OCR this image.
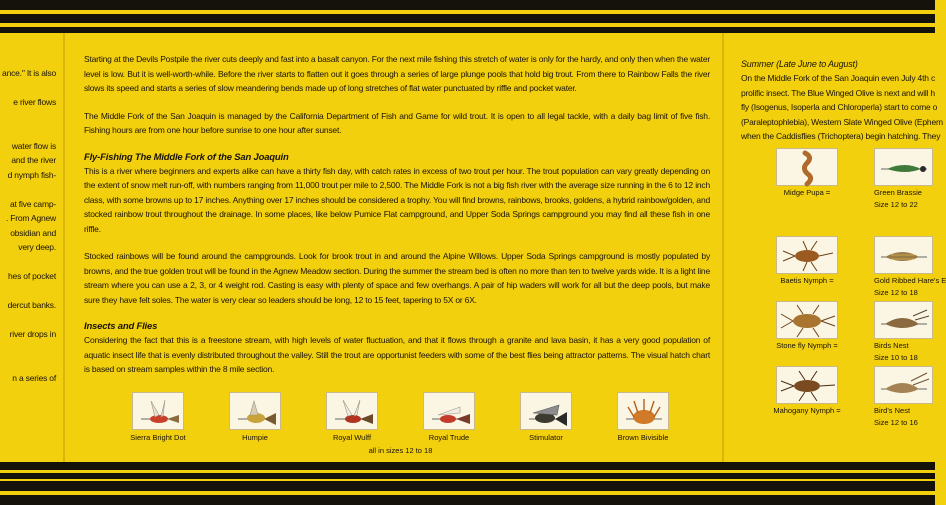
ance." It is also

e river flows

water flow is

and the river

d nymph fish-

at five camp-

. From Agnew

obsidian and

very deep.

hes of pocket

dercut banks.

river drops in

n a series of

Starting at the Devils Postpile the river cuts deeply and fast into a basalt canyon. For the next mile fishing this stretch of water is only for the hardy, and only then when the water level is low. But it is well-worth-while. Before the river starts to flatten out it goes through a series of large plunge pools that hold big trout. From there to Rainbow Falls the river slows its speed and starts a series of slow meandering bends made up of long stretches of flat water punctuated by riffle and pocket water.

The Middle Fork of the San Joaquin is managed by the California Department of Fish and Game for wild trout. It is open to all legal tackle, with a daily bag limit of five fish. Fishing hours are from one hour before sunrise to one hour after sunset.

Fly-Fishing The Middle Fork of the San Joaquin

This is a river where beginners and experts alike can have a thirty fish day, with catch rates in excess of two trout per hour. The trout population can vary greatly depending on the extent of snow melt run-off, with numbers ranging from 11,000 trout per mile to 2,500. The Middle Fork is not a big fish river with the average size running in the 6 to 12 inch class, with some browns up to 17 inches. Anything over 17 inches should be considered a trophy. You will find browns, rainbows, brooks, goldens, a hybrid rainbow/golden, and stocked rainbow trout throughout the drainage. In some places, like below Pumice Flat campground, and Upper Soda Springs campground you may find all these fish in one riffle.

Stocked rainbows will be found around the campgrounds. Look for brook trout in and around the Alpine Willows. Upper Soda Springs campground is mostly populated by browns, and the true golden trout will be found in the Agnew Meadow section. During the summer the stream bed is often no more than ten to twelve yards wide. It is a light line stream where you can use a 2, 3, or 4 weight rod. Casting is easy with plenty of space and few overhangs. A pair of hip waders will work for all but the deep pools, but make sure they have felt soles. The water is very clear so leaders should be long, 12 to 15 feet, tapering to 5X or 6X.

Insects and Flies

Considering the fact that this is a freestone stream, with high levels of water fluctuation, and that it flows through a granite and lava basin, it has a very good population of aquatic insect life that is evenly distributed throughout the valley. Still the trout are opportunist feeders with some of the best flies being attractor patterns. The visual hatch chart is based on stream samples within the 8 mile section.

Sierra Bright Dot	Humpie	Royal Wulff	Royal Trude	Stimulator	Brown Bivisible
all in sizes 12 to 18

Summer (Late June to August)

On the Middle Fork of the San Joaquin even July 4th c

prolific insect. The Blue Winged Olive is next and will h

fly (Isogenus, Isoperla and Chloroperla) start to come o

(Paraleptophlebia), Western Slate Winged Olive (Ephem

when the Caddisflies (Trichoptera) begin hatching. They

Midge Pupa =	Green Brassie
Size 12 to 22
Baetis Nymph =	Gold Ribbed Hare's E
Size 12 to 18
Stone fly Nymph =	Birds Nest
Size 10 to 18
Mahogany Nymph =	Bird's Nest
Size 12 to 16
